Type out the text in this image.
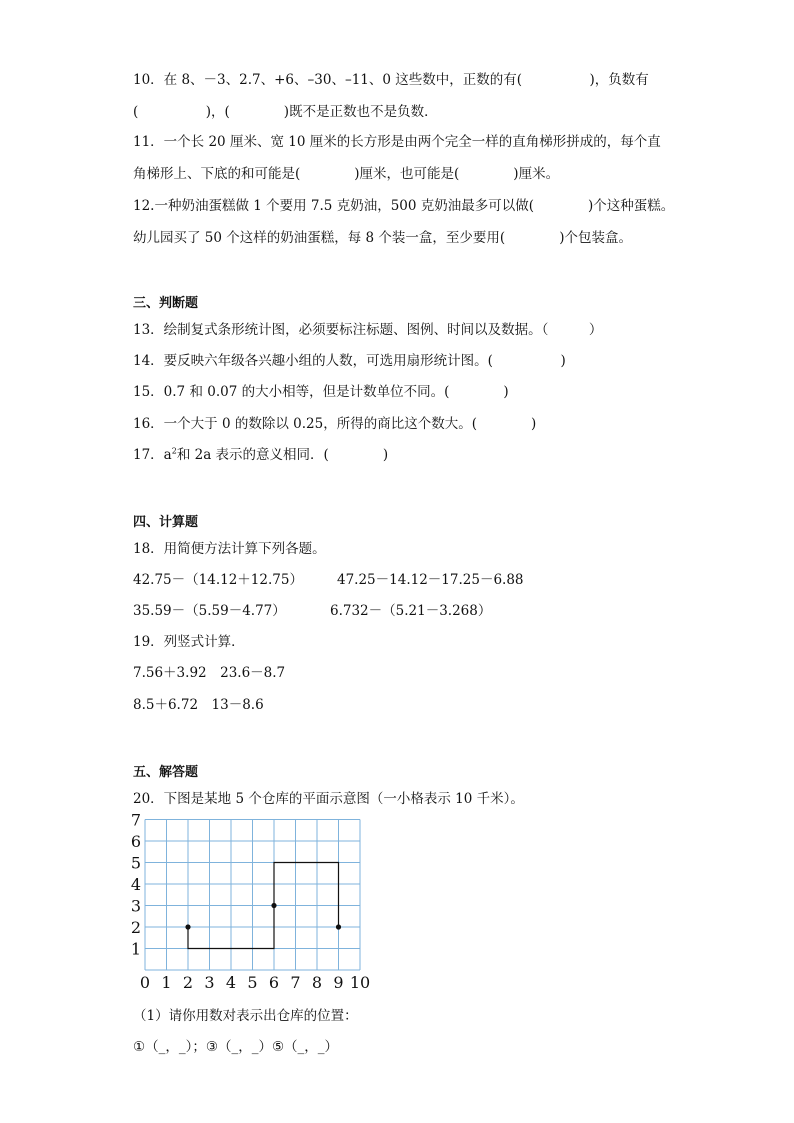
10．在 8、－3、2.7、+6、–30、–11、0 这些数中，正数的有(　　　　　)，负数有
(　　　　　)，(　　　　)既不是正数也不是负数．
11．一个长 20 厘米、宽 10 厘米的长方形是由两个完全一样的直角梯形拼成的，每个直
角梯形上、下底的和可能是(　　　　)厘米，也可能是(　　　　)厘米。
12.一种奶油蛋糕做 1 个要用 7.5 克奶油，500 克奶油最多可以做(　　　　)个这种蛋糕。
幼儿园买了 50 个这样的奶油蛋糕，每 8 个装一盒，至少要用(　　　　)个包装盒。
三、判断题
13．绘制复式条形统计图，必须要标注标题、图例、时间以及数据。（　　　）
14．要反映六年级各兴趣小组的人数，可选用扇形统计图。(　　　　　)
15．0.7 和 0.07 的大小相等，但是计数单位不同。(　　　　)
16．一个大于 0 的数除以 0.25，所得的商比这个数大。(　　　　)
17．$a^2$和 2a 表示的意义相同．(　　　　)
四、计算题
18．用简便方法计算下列各题。
42.75－（14.12＋12.75）	47.25－14.12－17.25－6.88
35.59－（5.59－4.77）	6.732－（5.21－3.268）
19．列竖式计算．
7.56＋3.92　23.6－8.7
8.5＋6.72　13－8.6
五、解答题
20．下图是某地 5 个仓库的平面示意图（一小格表示 10 千米）。
0 1 2 3 4 5 6 7 8 9 10
1
2
3
4
5
6
7
（1）请你用数对表示出仓库的位置：
①（_，_）；③（_，_）⑤（_，_）
